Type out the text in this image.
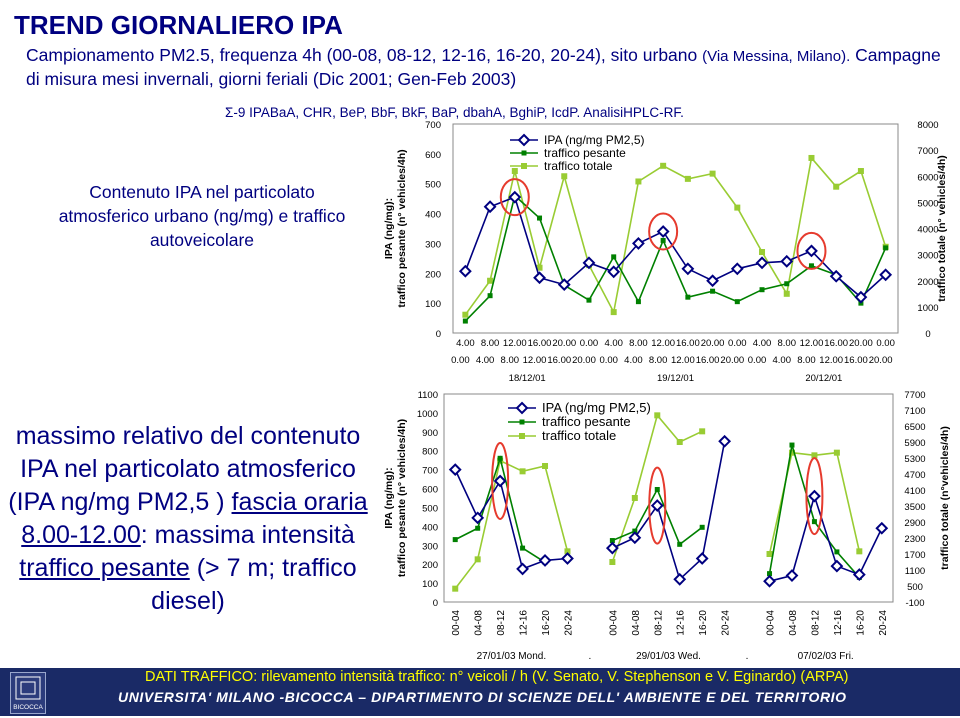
TREND GIORNALIERO IPA
Campionamento PM2.5, frequenza 4h (00-08, 08-12, 12-16, 16-20, 20-24), sito urbano (Via Messina, Milano). Campagne di misura mesi invernali, giorni feriali (Dic 2001; Gen-Feb 2003)
Σ-9 IPABaA, CHR, BeP, BbF, BkF, BaP, dbahA, BghiP, IcdP. AnalisiHPLC-RF.
Contenuto IPA nel particolato atmosferico urbano (ng/mg) e traffico autoveicolare
massimo relativo del contenuto IPA nel particolato atmosferico (IPA ng/mg PM2,5 ) fascia oraria 8.00-12.00: massima intensità traffico pesante (> 7 m; traffico diesel)
0
100
200
300
400
500
600
700
0
1000
2000
3000
4000
5000
6000
7000
8000
4.00 8.00 12.00 16.00 20.00 0.00 4.00 8.00 12.00 16.00 20.00 0.00 4.00 8.00 12.00 16.00 20.00 0.00
0.00 4.00 8.00 12.00 16.00 20.00 0.00 4.00 8.00 12.00 16.00 20.00 0.00 4.00 8.00 12.00 16.00 20.00
18/12/01	19/12/01	20/12/01
IPA (ng/mg): traffico pesante (n° vehicles/4h)	traffico totale (n° vehicles/4h)
IPA (ng/mg PM2,5)
traffico pesante
traffico totale
0
100
200
300
400
500
600
700
800
900
1000
1100
-100
500
1100
1700
2300
2900
3500
4100
4700
5300
5900
6500
7100
7700
00-04 04-08 08-12 12-16 16-20 20-24	00-04 04-08 08-12 12-16 16-20 20-24	00-04 04-08 08-12 12-16 16-20 20-24
27/01/03 Mond.	29/01/03 Wed.	07/02/03 Fri.
.	.
IPA (ng/mg): traffico pesante (n° vehicles/4h)	traffico totale (n°vehicles/4h)
IPA (ng/mg PM2,5)
traffico pesante
traffico totale
BICOCCA
DATI TRAFFICO: rilevamento intensità traffico: n° veicoli / h (V. Senato, V. Stephenson e V. Eginardo) (ARPA)
UNIVERSITA' MILANO -BICOCCA – DIPARTIMENTO DI SCIENZE DELL' AMBIENTE E DEL TERRITORIO
